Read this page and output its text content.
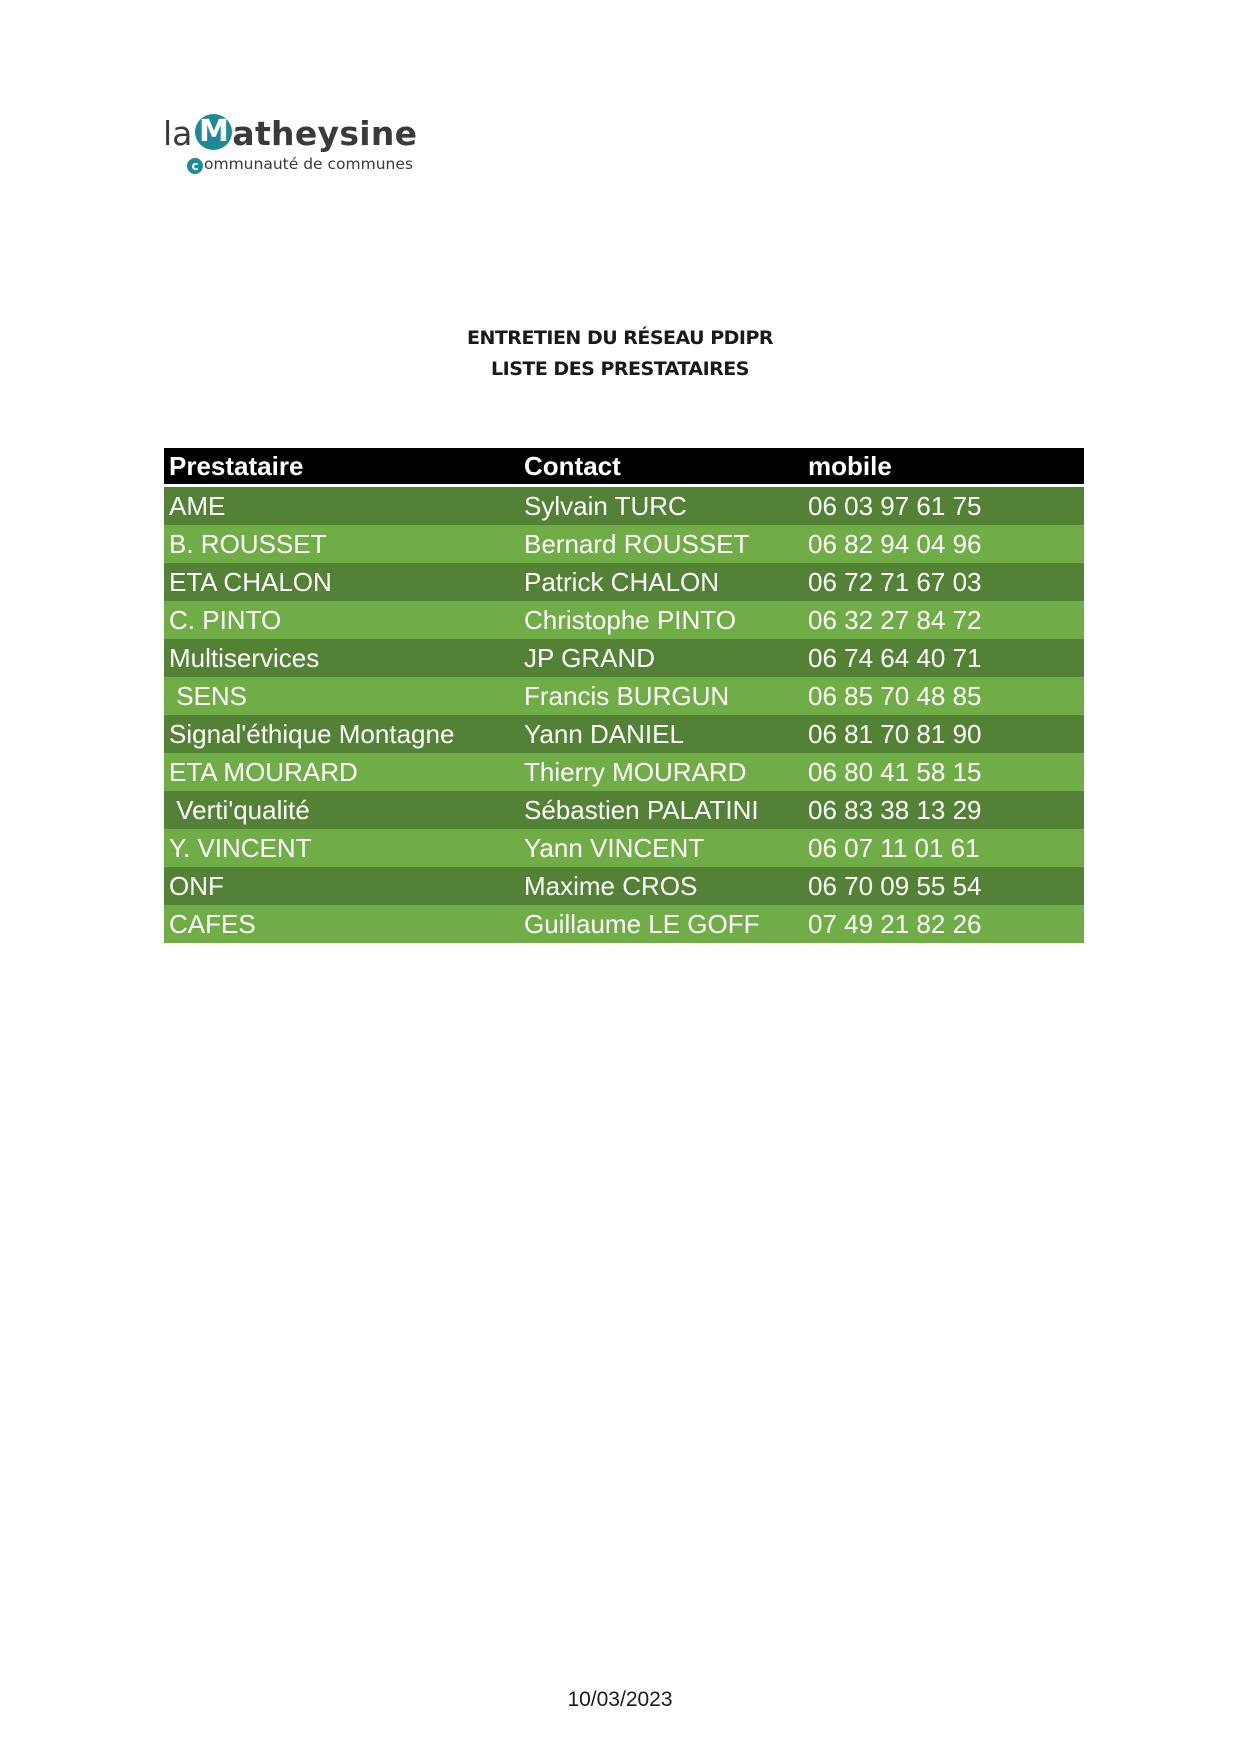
la M atheysine
c ommunauté de communes
ENTRETIEN DU RÉSEAU PDIPR
LISTE DES PRESTATAIRES
Prestataire	Contact	mobile
AME	Sylvain TURC	06 03 97 61 75
B. ROUSSET	Bernard ROUSSET	06 82 94 04 96
ETA CHALON	Patrick CHALON	06 72 71 67 03
C. PINTO	Christophe PINTO	06 32 27 84 72
Multiservices	JP GRAND	06 74 64 40 71
SENS	Francis BURGUN	06 85 70 48 85
Signal'éthique Montagne	Yann DANIEL	06 81 70 81 90
ETA MOURARD	Thierry MOURARD	06 80 41 58 15
Verti'qualité	Sébastien PALATINI	06 83 38 13 29
Y. VINCENT	Yann VINCENT	06 07 11 01 61
ONF	Maxime CROS	06 70 09 55 54
CAFES	Guillaume LE GOFF	07 49 21 82 26
10/03/2023
